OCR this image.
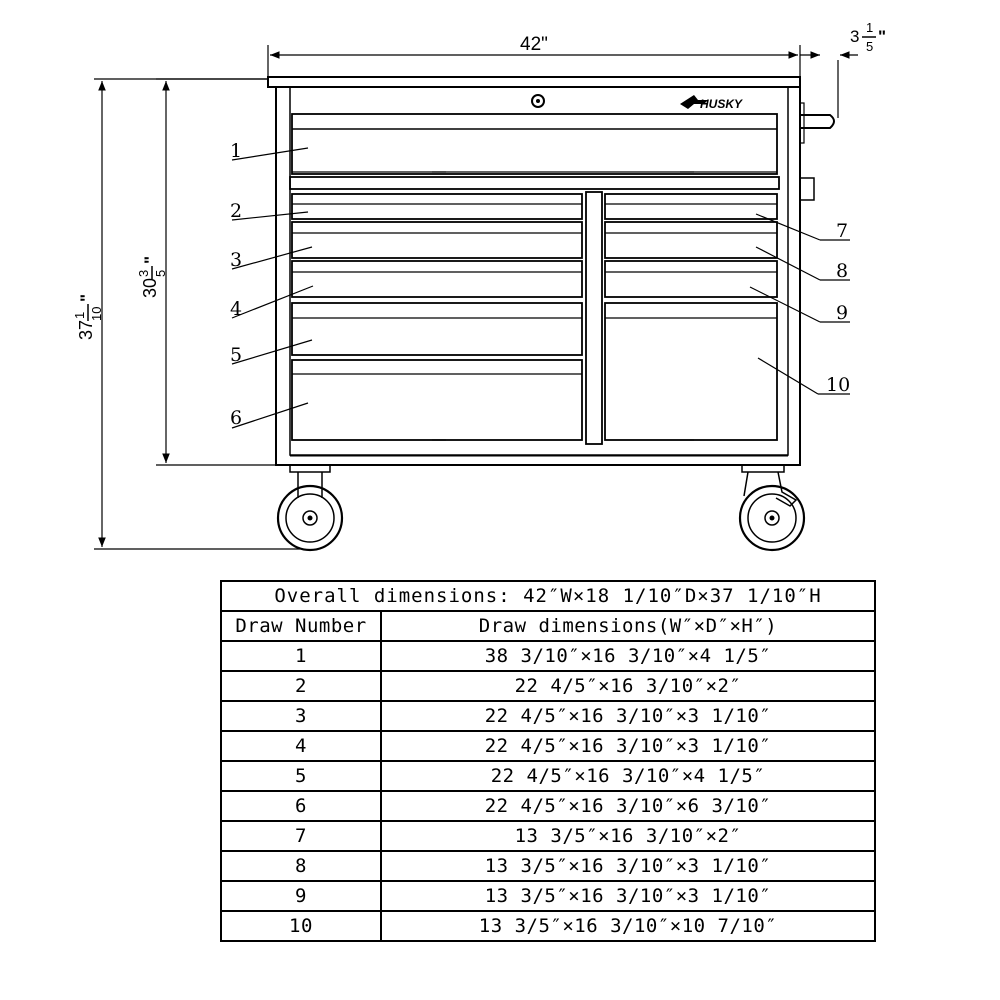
HUSKY
42"	3 1
5
"
37
1 10
" 30
3 5
"
1
2
3
4
5
6
7
8
9
10
Overall dimensions: 42″W×18 1/10″D×37 1/10″H	
Draw Number	Draw dimensions(W″×D″×H″)
1	38 3/10″×16 3/10″×4 1/5″
2	22 4/5″×16 3/10″×2″
3	22 4/5″×16 3/10″×3 1/10″
4	22 4/5″×16 3/10″×3 1/10″
5	22 4/5″×16 3/10″×4 1/5″
6	22 4/5″×16 3/10″×6 3/10″
7	13 3/5″×16 3/10″×2″
8	13 3/5″×16 3/10″×3 1/10″
9	13 3/5″×16 3/10″×3 1/10″
10	13 3/5″×16 3/10″×10 7/10″
